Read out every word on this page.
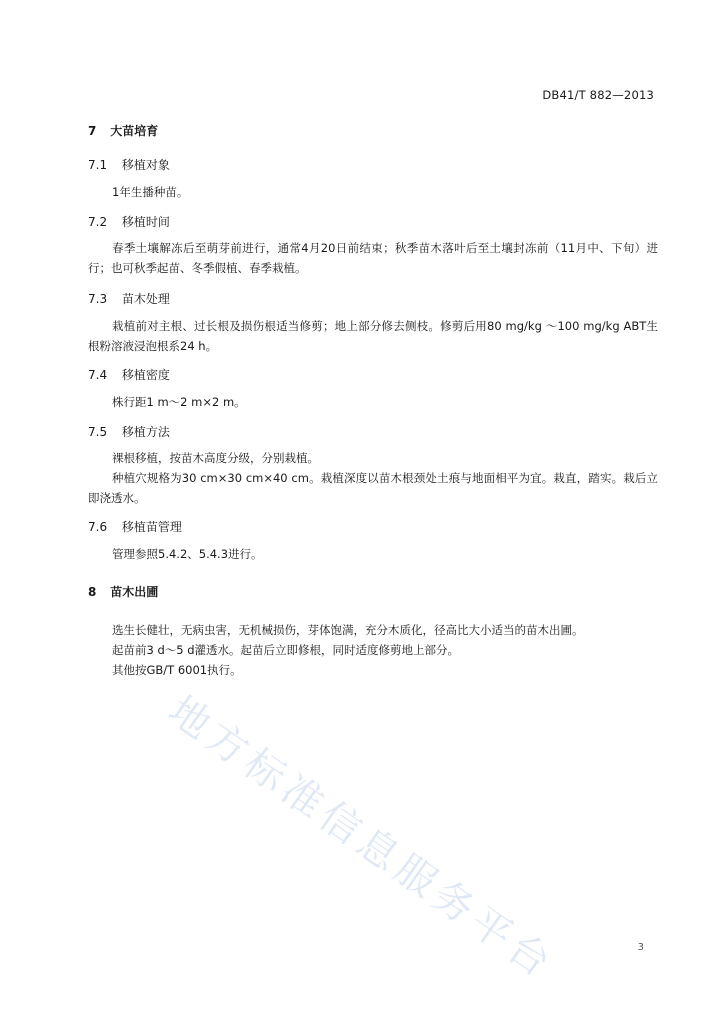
DB41/T 882—2013
7 大苗培育
7.1 移植对象
1年生播种苗。
7.2 移植时间
春季土壤解冻后至萌芽前进行，通常4月20日前结束；秋季苗木落叶后至土壤封冻前（11月中、下旬）进行；也可秋季起苗、冬季假植、春季栽植。
7.3 苗木处理
栽植前对主根、过长根及损伤根适当修剪；地上部分修去侧枝。修剪后用80 mg/kg ～100 mg/kg ABT生根粉溶液浸泡根系24 h。
7.4 移植密度
株行距1 m～2 m×2 m。
7.5 移植方法
裸根移植，按苗木高度分级，分别栽植。
种植穴规格为30 cm×30 cm×40 cm。栽植深度以苗木根颈处土痕与地面相平为宜。栽直，踏实。栽后立即浇透水。
7.6 移植苗管理
管理参照5.4.2、5.4.3进行。
8 苗木出圃
选生长健壮，无病虫害，无机械损伤，芽体饱满，充分木质化，径高比大小适当的苗木出圃。
起苗前3 d～5 d灌透水。起苗后立即修根，同时适度修剪地上部分。
其他按GB/T 6001执行。
地方标准信息服务平台	3
